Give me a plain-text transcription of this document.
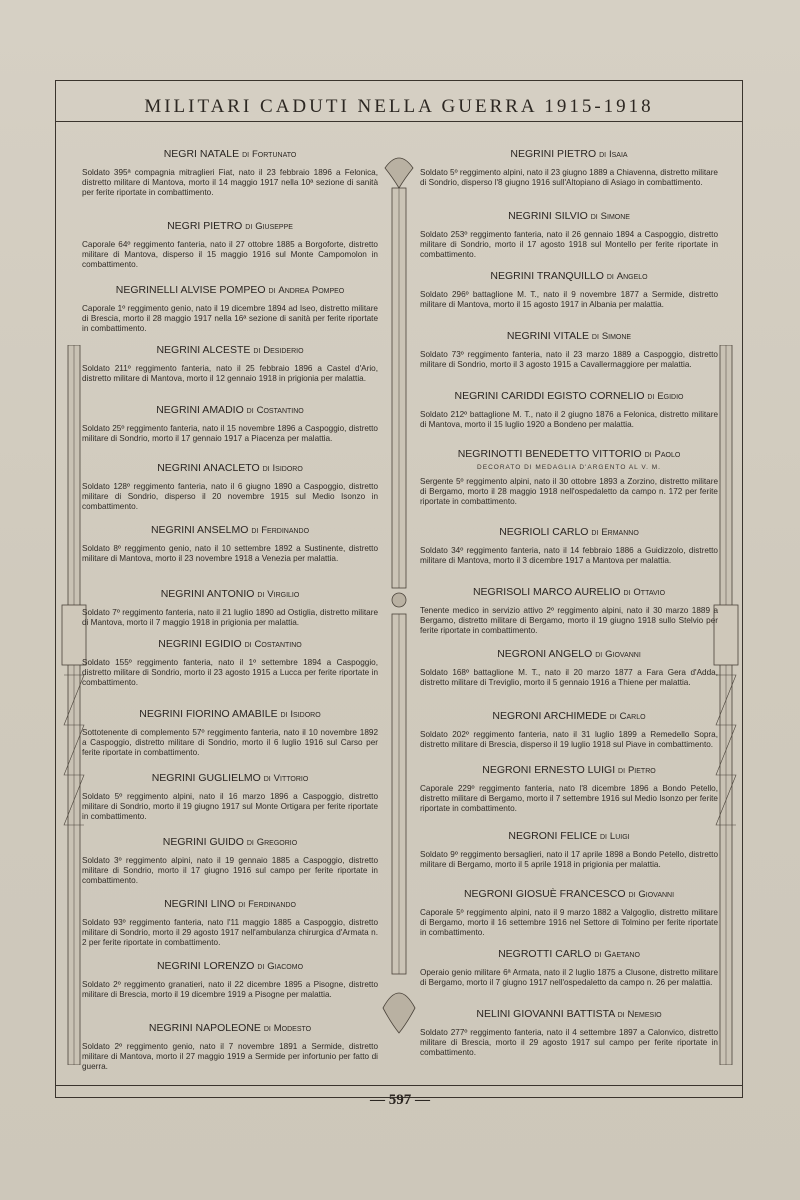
MILITARI CADUTI NELLA GUERRA 1915-1918
NEGRI NATALE di Fortunato
Soldato 395ª compagnia mitraglieri Fiat, nato il 23 febbraio 1896 a Felonica, distretto militare di Mantova, morto il 14 maggio 1917 nella 10ª sezione di sanità per ferite riportate in combattimento.
NEGRI PIETRO di Giuseppe
Caporale 64º reggimento fanteria, nato il 27 ottobre 1885 a Borgoforte, distretto militare di Mantova, disperso il 15 maggio 1916 sul Monte Campomolon in combattimento.
NEGRINELLI ALVISE POMPEO di Andrea Pompeo
Caporale 1º reggimento genio, nato il 19 dicembre 1894 ad Iseo, distretto militare di Brescia, morto il 28 maggio 1917 nella 16ª sezione di sanità per ferite riportate in combattimento.
NEGRINI ALCESTE di Desiderio
Soldato 211º reggimento fanteria, nato il 25 febbraio 1896 a Castel d'Ario, distretto militare di Mantova, morto il 12 gennaio 1918 in prigionia per malattia.
NEGRINI AMADIO di Costantino
Soldato 25º reggimento fanteria, nato il 15 novembre 1896 a Caspoggio, distretto militare di Sondrio, morto il 17 gennaio 1917 a Piacenza per malattia.
NEGRINI ANACLETO di Isidoro
Soldato 128º reggimento fanteria, nato il 6 giugno 1890 a Caspoggio, distretto militare di Sondrio, disperso il 20 novembre 1915 sul Medio Isonzo in combattimento.
NEGRINI ANSELMO di Ferdinando
Soldato 8º reggimento genio, nato il 10 settembre 1892 a Sustinente, distretto militare di Mantova, morto il 23 novembre 1918 a Venezia per malattia.
NEGRINI ANTONIO di Virgilio
Soldato 7º reggimento fanteria, nato il 21 luglio 1890 ad Ostiglia, distretto militare di Mantova, morto il 7 maggio 1918 in prigionia per malattia.
NEGRINI EGIDIO di Costantino
Soldato 155º reggimento fanteria, nato il 1º settembre 1894 a Caspoggio, distretto militare di Sondrio, morto il 23 agosto 1915 a Lucca per ferite riportate in combattimento.
NEGRINI FIORINO AMABILE di Isidoro
Sottotenente di complemento 57º reggimento fanteria, nato il 10 novembre 1892 a Caspoggio, distretto militare di Sondrio, morto il 6 luglio 1916 sul Carso per ferite riportate in combattimento.
NEGRINI GUGLIELMO di Vittorio
Soldato 5º reggimento alpini, nato il 16 marzo 1896 a Caspoggio, distretto militare di Sondrio, morto il 19 giugno 1917 sul Monte Ortigara per ferite riportate in combattimento.
NEGRINI GUIDO di Gregorio
Soldato 3º reggimento alpini, nato il 19 gennaio 1885 a Caspoggio, distretto militare di Sondrio, morto il 17 giugno 1916 sul campo per ferite riportate in combattimento.
NEGRINI LINO di Ferdinando
Soldato 93º reggimento fanteria, nato l'11 maggio 1885 a Caspoggio, distretto militare di Sondrio, morto il 29 agosto 1917 nell'ambulanza chirurgica d'Armata n. 2 per ferite riportate in combattimento.
NEGRINI LORENZO di Giacomo
Soldato 2º reggimento granatieri, nato il 22 dicembre 1895 a Pisogne, distretto militare di Brescia, morto il 19 dicembre 1919 a Pisogne per malattia.
NEGRINI NAPOLEONE di Modesto
Soldato 2º reggimento genio, nato il 7 novembre 1891 a Sermide, distretto militare di Mantova, morto il 27 maggio 1919 a Sermide per infortunio per fatto di guerra.
NEGRINI PIETRO di Isaia
Soldato 5º reggimento alpini, nato il 23 giugno 1889 a Chiavenna, distretto militare di Sondrio, disperso l'8 giugno 1916 sull'Altopiano di Asiago in combattimento.
NEGRINI SILVIO di Simone
Soldato 253º reggimento fanteria, nato il 26 gennaio 1894 a Caspoggio, distretto militare di Sondrio, morto il 17 agosto 1918 sul Montello per ferite riportate in combattimento.
NEGRINI TRANQUILLO di Angelo
Soldato 296º battaglione M. T., nato il 9 novembre 1877 a Sermide, distretto militare di Mantova, morto il 15 agosto 1917 in Albania per malattia.
NEGRINI VITALE di Simone
Soldato 73º reggimento fanteria, nato il 23 marzo 1889 a Caspoggio, distretto militare di Sondrio, morto il 3 agosto 1915 a Cavallermaggiore per malattia.
NEGRINI CARIDDI EGISTO CORNELIO di Egidio
Soldato 212º battaglione M. T., nato il 2 giugno 1876 a Felonica, distretto militare di Mantova, morto il 15 luglio 1920 a Bondeno per malattia.
NEGRINOTTI BENEDETTO VITTORIO di Paolo
DECORATO DI MEDAGLIA D'ARGENTO AL V. M.
Sergente 5º reggimento alpini, nato il 30 ottobre 1893 a Zorzino, distretto militare di Bergamo, morto il 28 maggio 1918 nell'ospedaletto da campo n. 172 per ferite riportate in combattimento.
NEGRIOLI CARLO di Ermanno
Soldato 34º reggimento fanteria, nato il 14 febbraio 1886 a Guidizzolo, distretto militare di Mantova, morto il 3 dicembre 1917 a Mantova per malattia.
NEGRISOLI MARCO AURELIO di Ottavio
Tenente medico in servizio attivo 2º reggimento alpini, nato il 30 marzo 1889 a Bergamo, distretto militare di Bergamo, morto il 19 giugno 1918 sullo Stelvio per ferite riportate in combattimento.
NEGRONI ANGELO di Giovanni
Soldato 168º battaglione M. T., nato il 20 marzo 1877 a Fara Gera d'Adda, distretto militare di Treviglio, morto il 5 gennaio 1916 a Thiene per malattia.
NEGRONI ARCHIMEDE di Carlo
Soldato 202º reggimento fanteria, nato il 31 luglio 1899 a Remedello Sopra, distretto militare di Brescia, disperso il 19 luglio 1918 sul Piave in combattimento.
NEGRONI ERNESTO LUIGI di Pietro
Caporale 229º reggimento fanteria, nato l'8 dicembre 1896 a Bondo Petello, distretto militare di Bergamo, morto il 7 settembre 1916 sul Medio Isonzo per ferite riportate in combattimento.
NEGRONI FELICE di Luigi
Soldato 9º reggimento bersaglieri, nato il 17 aprile 1898 a Bondo Petello, distretto militare di Bergamo, morto il 5 aprile 1918 in prigionia per malattia.
NEGRONI GIOSUÈ FRANCESCO di Giovanni
Caporale 5º reggimento alpini, nato il 9 marzo 1882 a Valgoglio, distretto militare di Bergamo, morto il 16 settembre 1916 nel Settore di Tolmino per ferite riportate in combattimento.
NEGROTTI CARLO di Gaetano
Operaio genio militare 6ª Armata, nato il 2 luglio 1875 a Clusone, distretto militare di Bergamo, morto il 7 giugno 1917 nell'ospedaletto da campo n. 26 per malattia.
NELINI GIOVANNI BATTISTA di Nemesio
Soldato 277º reggimento fanteria, nato il 4 settembre 1897 a Calonvico, distretto militare di Brescia, morto il 29 agosto 1917 sul campo per ferite riportate in combattimento.
— 597 —
